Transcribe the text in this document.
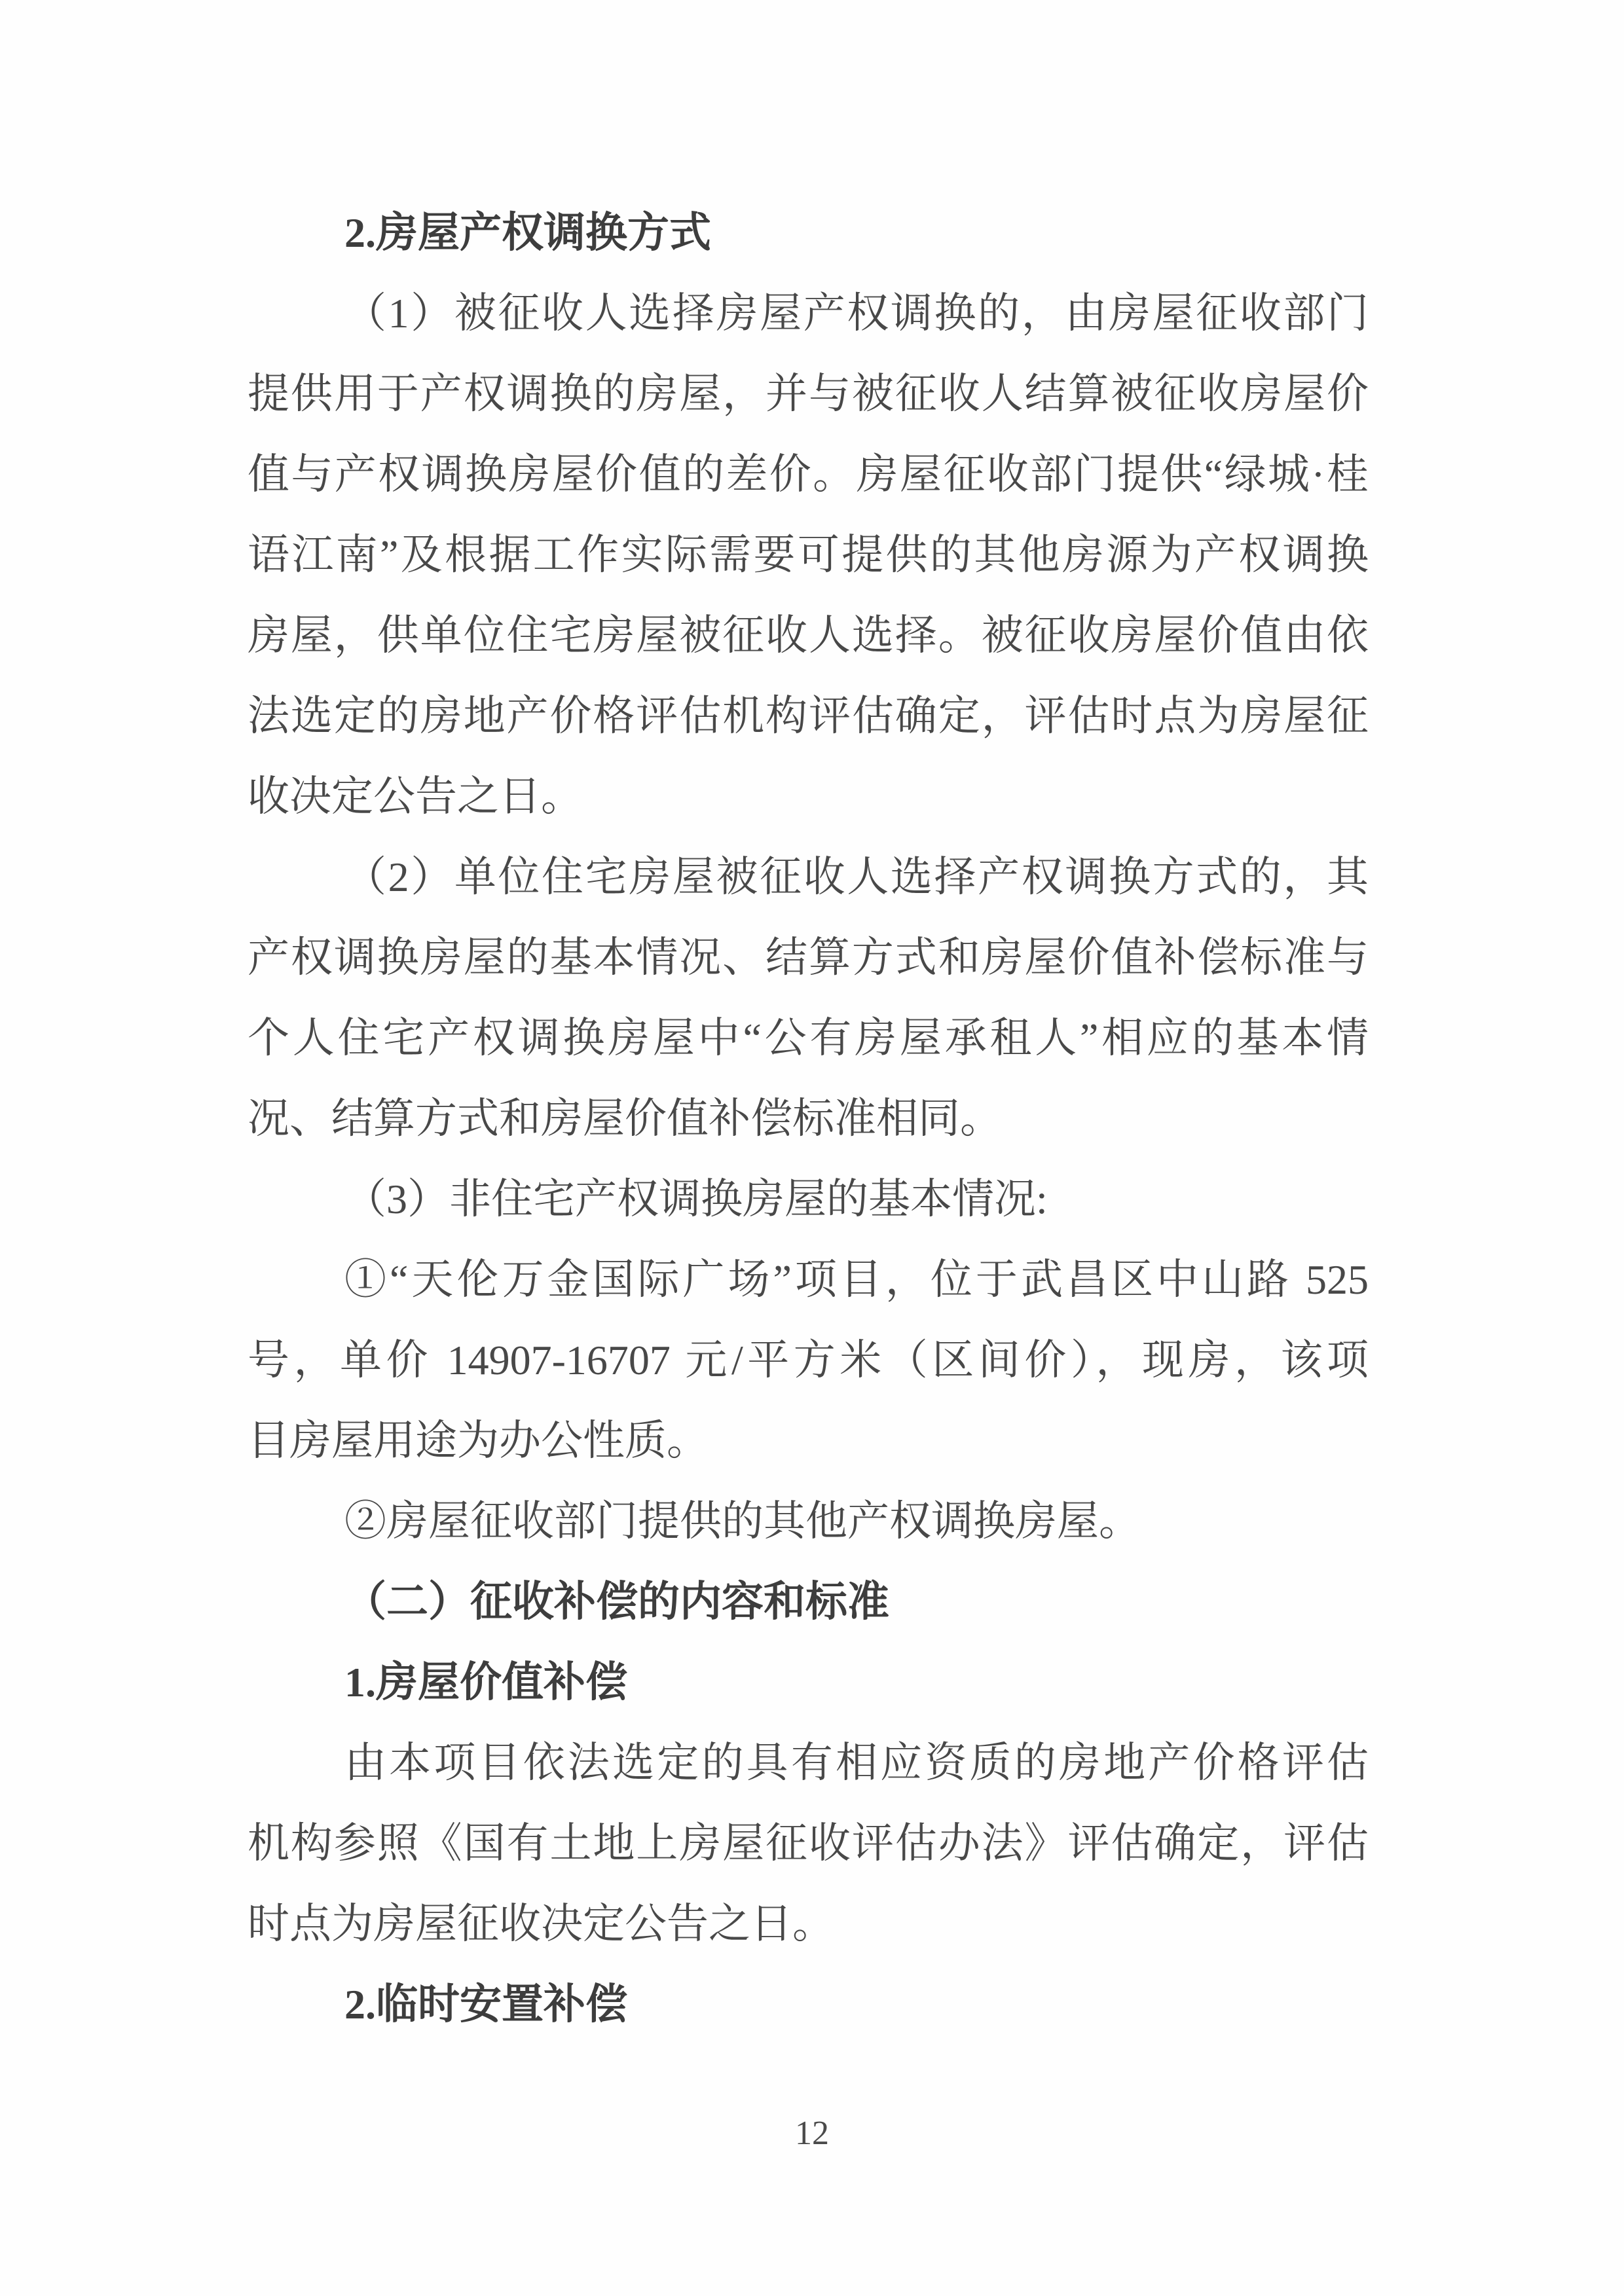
2.房屋产权调换方式
（1）被征收人选择房屋产权调换的，由房屋征收部门
提供用于产权调换的房屋，并与被征收人结算被征收房屋价
值与产权调换房屋价值的差价。房屋征收部门提供“绿城·桂
语江南”及根据工作实际需要可提供的其他房源为产权调换
房屋，供单位住宅房屋被征收人选择。被征收房屋价值由依
法选定的房地产价格评估机构评估确定，评估时点为房屋征
收决定公告之日。
（2）单位住宅房屋被征收人选择产权调换方式的，其
产权调换房屋的基本情况、结算方式和房屋价值补偿标准与
个人住宅产权调换房屋中“公有房屋承租人”相应的基本情
况、结算方式和房屋价值补偿标准相同。
（3）非住宅产权调换房屋的基本情况:
①“天伦万金国际广场”项目，位于武昌区中山路 525
号，单价 14907-16707 元/平方米（区间价），现房，该项
目房屋用途为办公性质。
②房屋征收部门提供的其他产权调换房屋。
（二）征收补偿的内容和标准
1.房屋价值补偿
由本项目依法选定的具有相应资质的房地产价格评估
机构参照《国有土地上房屋征收评估办法》评估确定，评估
时点为房屋征收决定公告之日。
2.临时安置补偿
12
